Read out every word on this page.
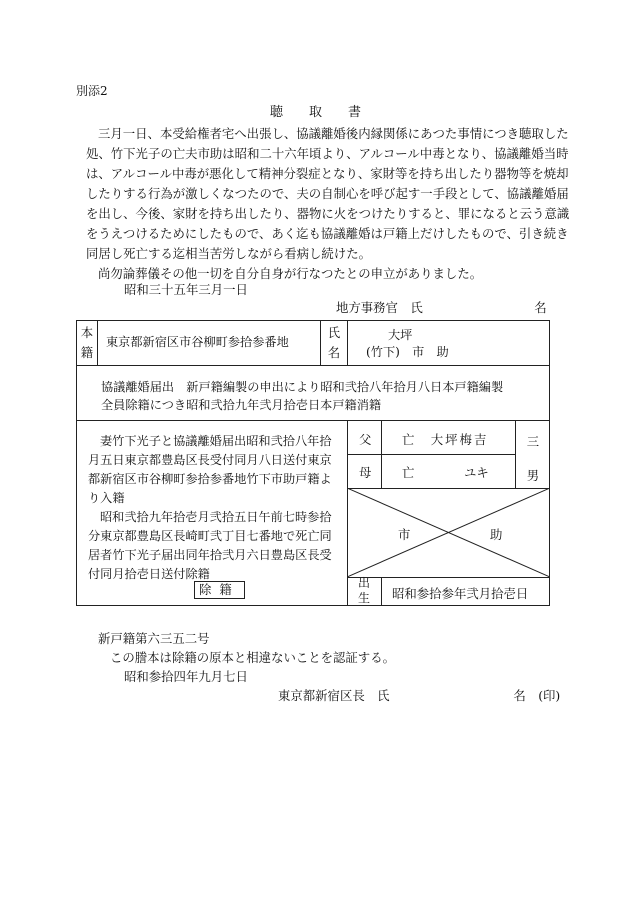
別添2
聴　　取　　書
三月一日、本受給権者宅へ出張し、協議離婚後内縁関係にあつた事情につき聴取した
処、竹下光子の亡夫市助は昭和二十六年頃より、アルコール中毒となり、協議離婚当時
は、アルコール中毒が悪化して精神分裂症となり、家財等を持ち出したり器物等を焼却
したりする行為が激しくなつたので、夫の自制心を呼び起す一手段として、協議離婚届
を出し、今後、家財を持ち出したり、器物に火をつけたりすると、罪になると云う意識
をうえつけるためにしたもので、あく迄も協議離婚は戸籍上だけしたもので、引き続き
同居し死亡する迄相当苦労しながら看病し続けた。
尚勿論葬儀その他一切を自分自身が行なつたとの申立がありました。
昭和三十五年三月一日
地方事務官　氏　　　　　　　　　名
本籍
東京都新宿区市谷柳町参拾参番地
氏名
大坪
(竹下)　市　助
協議離婚届出　新戸籍編製の申出により昭和弐拾八年拾月八日本戸籍編製
全員除籍につき昭和弐拾九年弐月拾壱日本戸籍消籍
妻竹下光子と協議離婚届出昭和弐拾八年拾
月五日東京都豊島区長受付同月八日送付東京
都新宿区市谷柳町参拾参番地竹下市助戸籍よ
り入籍
昭和弐拾九年拾壱月弐拾五日午前七時参拾
分東京都豊島区長崎町弐丁目七番地で死亡同
居者竹下光子届出同年拾弐月六日豊島区長受
付同月拾壱日送付除籍
除籍
父 亡　大坪梅吉
母 亡　　　　ユキ
三男
市	助
出生 昭和参拾参年弐月拾壱日
新戸籍第六三五二号
この謄本は除籍の原本と相違ないことを認証する。
昭和参拾四年九月七日
東京都新宿区長　氏　　　　　　　　　　名　(印)
